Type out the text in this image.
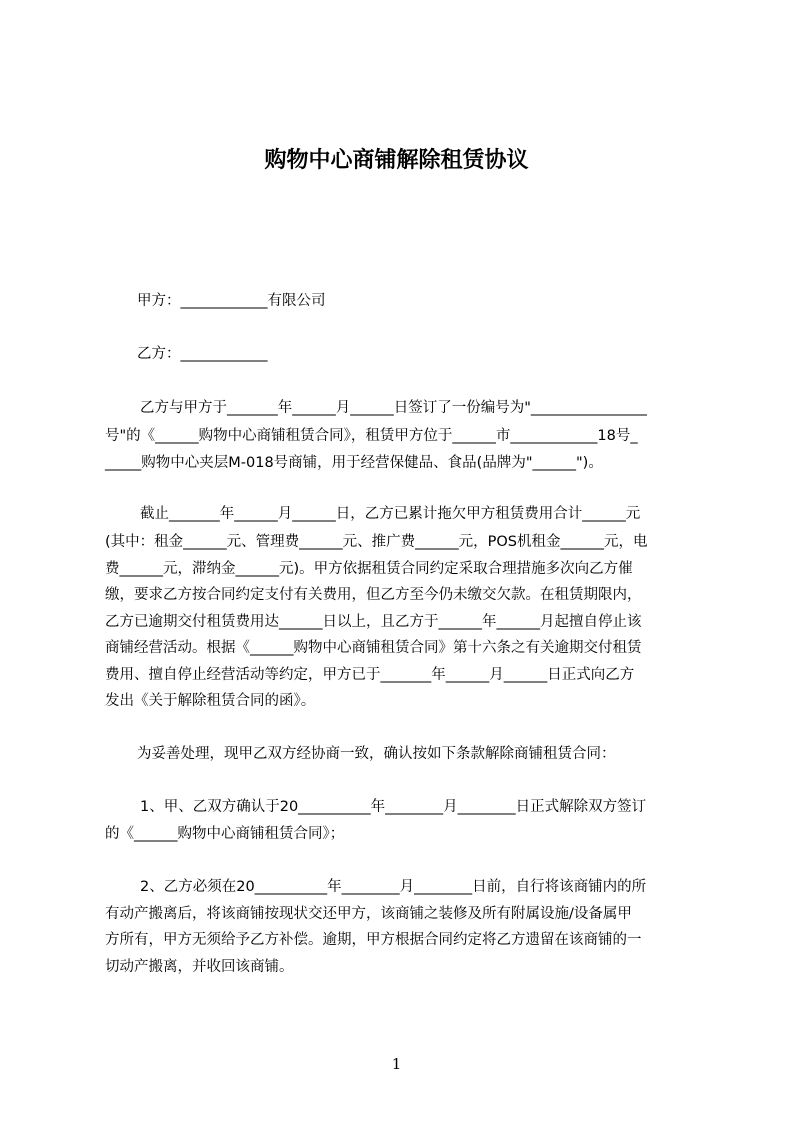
购物中心商铺解除租赁协议
甲方：____________有限公司
乙方：____________
乙方与甲方于_______年______月______日签订了一份编号为"________________
号"的《______购物中心商铺租赁合同》，租赁甲方位于______市____________18号_
_____购物中心夹层M-018号商铺，用于经营保健品、食品(品牌为"______")。
截止_______年______月______日，乙方已累计拖欠甲方租赁费用合计______元
(其中：租金______元、管理费______元、推广费______元，POS机租金______元，电
费______元，滞纳金______元)。甲方依据租赁合同约定采取合理措施多次向乙方催
缴，要求乙方按合同约定支付有关费用，但乙方至今仍未缴交欠款。在租赁期限内，
乙方已逾期交付租赁费用达______日以上，且乙方于______年______月起擅自停止该
商铺经营活动。根据《______购物中心商铺租赁合同》第十六条之有关逾期交付租赁
费用、擅自停止经营活动等约定，甲方已于_______年______月______日正式向乙方
发出《关于解除租赁合同的函》。
为妥善处理，现甲乙双方经协商一致，确认按如下条款解除商铺租赁合同：
1、甲、乙双方确认于20__________年________月________日正式解除双方签订
的《______购物中心商铺租赁合同》；
2、乙方必须在20__________年________月________日前，自行将该商铺内的所
有动产搬离后，将该商铺按现状交还甲方，该商铺之装修及所有附属设施/设备属甲
方所有，甲方无须给予乙方补偿。逾期，甲方根据合同约定将乙方遗留在该商铺的一
切动产搬离，并收回该商铺。
1
